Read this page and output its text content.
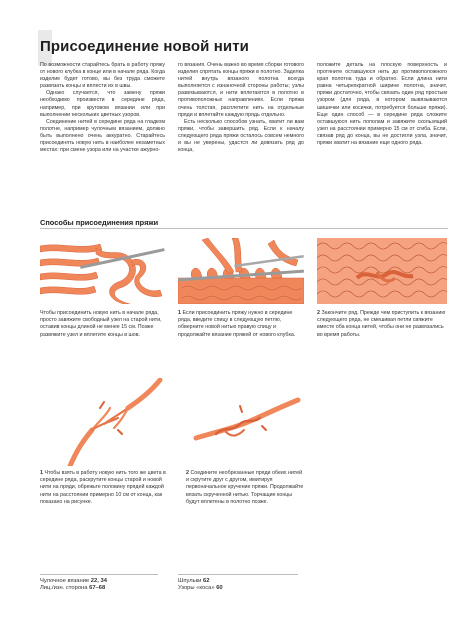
Присоединение новой нити

По возможности старайтесь брать в работу пряжу от нового клубка в конце или в начале ряда. Когда изделие будет готово, вы без труда сможете развязать концы и вплести их в швы.

Однако случается, что замену пряжи необходимо произвести в середине ряда, например, при круговом вязании или при выполнении нескольких цветных узоров.

Соединение нитей в середине ряда на гладком полотне, например чулочным вязанием, должно быть выполнено очень аккуратно. Старайтесь присоединять новую нить в наиболее незаметных местах: при смене узора или на участке ажурно-

го вязания. Очень важно во время сборки готового изделия спрятать концы пряжи в полотно. Заделка нитей внутрь вязаного полотна всегда выполняется с изнаночной стороны работы; узлы развязываются, и нити вплетаются в полотно в противоположных направлениях. Если пряжа очень толстая, расплетите нить на отдельные пряди и вплетайте каждую прядь отдельно.

Есть несколько способов узнать, хватит ли вам пряжи, чтобы завершить ряд. Если к началу следующего ряда пряжи осталось совсем немного и вы не уверены, удастся ли довязать ряд до конца,

положите деталь на плоскую поверхность и протяните оставшуюся нить до противоположного края полотна туда и обратно. Если длина нити равна четырехкратной ширине полотна, значит, пряжи достаточно, чтобы связать один ряд простым узором (для ряда, в котором вывязываются шишечки или косички, потребуется больше пряжи). Еще один способ — в середине ряда сложите оставшуюся нить пополам и завяжите скользящий узел на расстоянии примерно 15 см от сгиба. Если, связав ряд до конца, вы не достигли узла, значит, пряжи хватит на вязание еще одного ряда.

Способы присоединения пряжи

Чтобы присоединить новую нить в начале ряда, просто завяжите свободный узел на старой нити, оставив концы длиной не менее 15 см. Позже развяжите узел и вплетите концы в шов.

1 Если присоединить пряжу нужно в середине ряда, введите спицу в следующую петлю, обверните новой нитью правую спицу и продолжайте вязание пряжей от нового клубка.

2 Закончите ряд. Прежде чем приступить к вязанию следующего ряда, не смешивая петли свяжите вместе оба конца нитей, чтобы они не развязались во время работы.

1 Чтобы взять в работу новую нить того же цвета в середине ряда, раскрутите концы старой и новой нити на пряди, обрежьте половину прядей каждой нити на расстоянии примерно 10 см от конца, как показано на рисунке.

2 Соедините необрезанные пряди обеих нитей и скрутите друг с другом, имитируя первоначальное кручение пряжи. Продолжайте вязать скрученной нитью. Торчащие концы будут вплетены в полотно позже.

Чулочное вязание 22, 34
Лиц./изн. сторона 67–68
Шпульки 62
Узоры «коса» 60
